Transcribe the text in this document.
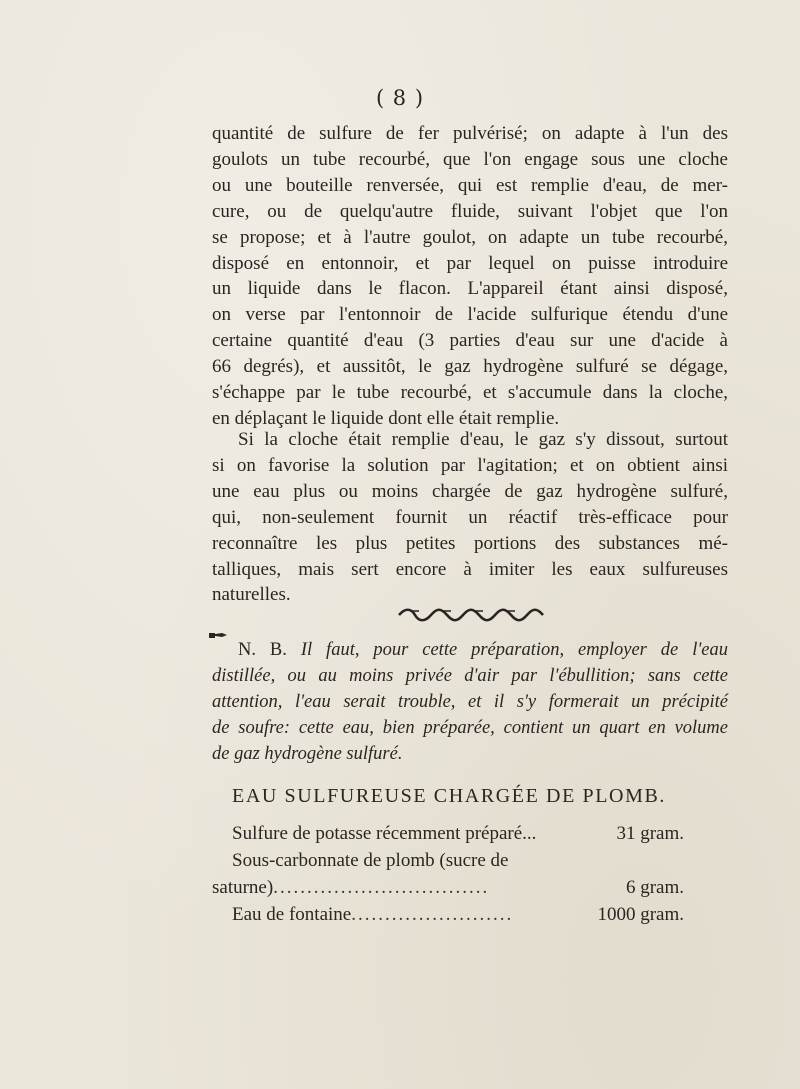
( 8 )
quantité de sulfure de fer pulvérisé; on adapte à l'un des
goulots un tube recourbé, que l'on engage sous une cloche
ou une bouteille renversée, qui est remplie d'eau, de mer-
cure, ou de quelqu'autre fluide, suivant l'objet que l'on
se propose; et à l'autre goulot, on adapte un tube recourbé,
disposé en entonnoir, et par lequel on puisse introduire
un liquide dans le flacon. L'appareil étant ainsi disposé,
on verse par l'entonnoir de l'acide sulfurique étendu d'une
certaine quantité d'eau (3 parties d'eau sur une d'acide à
66 degrés), et aussitôt, le gaz hydrogène sulfuré se dégage,
s'échappe par le tube recourbé, et s'accumule dans la cloche,
en déplaçant le liquide dont elle était remplie.
Si la cloche était remplie d'eau, le gaz s'y dissout, surtout
si on favorise la solution par l'agitation; et on obtient ainsi
une eau plus ou moins chargée de gaz hydrogène sulfuré,
qui, non-seulement fournit un réactif très-efficace pour
reconnaître les plus petites portions des substances mé-
talliques, mais sert encore à imiter les eaux sulfureuses
naturelles.
N. B. Il faut, pour cette préparation, employer de l'eau
distillée, ou au moins privée d'air par l'ébullition; sans cette
attention, l'eau serait trouble, et il s'y formerait un précipité
de soufre: cette eau, bien préparée, contient un quart en volume
de gaz hydrogène sulfuré.
EAU SULFUREUSE CHARGÉE DE PLOMB.
Sulfure de potasse récemment préparé...	31 gram.
Sous-carbonnate de plomb (sucre de
saturne) ................................	6 gram.
Eau de fontaine ........................	1000 gram.
